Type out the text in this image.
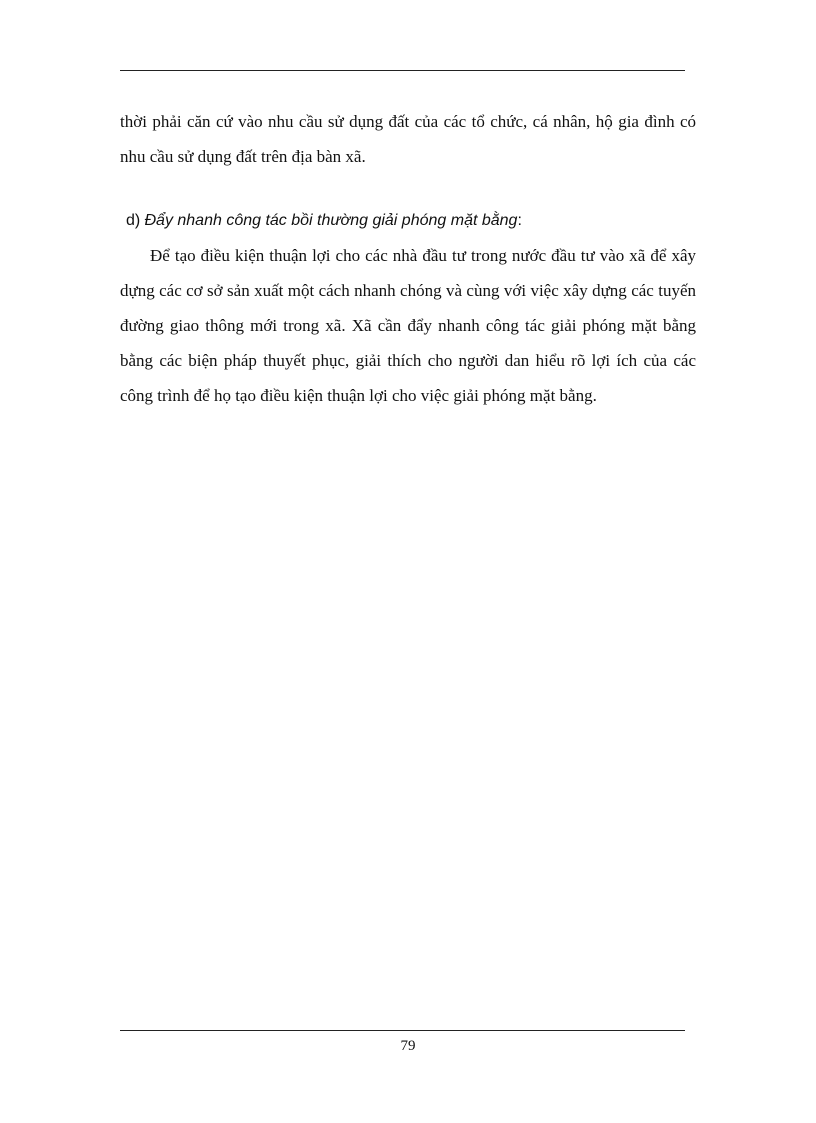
thời phải căn cứ vào nhu cầu sử dụng đất của các tổ chức, cá nhân, hộ gia đình có nhu cầu sử dụng đất trên địa bàn xã.

d) Đẩy nhanh công tác bồi thường giải phóng mặt bằng:

Để tạo điều kiện thuận lợi cho các nhà đầu tư trong nước đầu tư vào xã để xây dựng các cơ sở sản xuất một cách nhanh chóng và cùng với việc xây dựng các tuyến đường giao thông mới trong xã. Xã cần đẩy nhanh công tác giải phóng mặt bằng bằng các biện pháp thuyết phục, giải thích cho người dan hiểu rõ lợi ích của các công trình để họ tạo điều kiện thuận lợi cho việc giải phóng mặt bằng.

79
